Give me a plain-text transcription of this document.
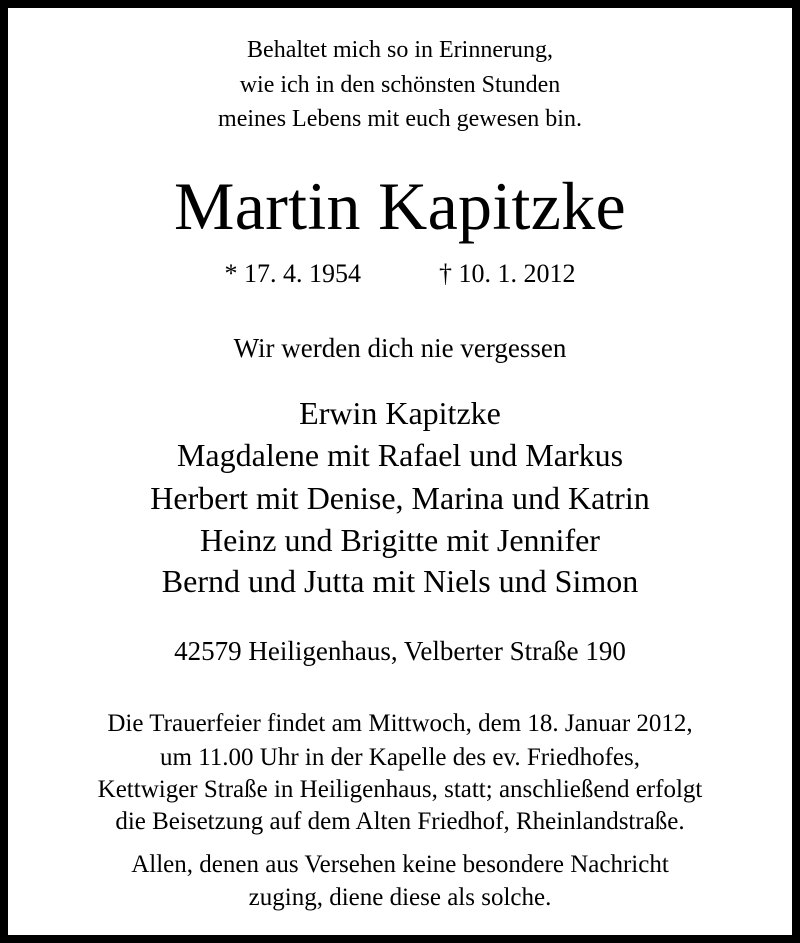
Behaltet mich so in Erinnerung,
wie ich in den schönsten Stunden
meines Lebens mit euch gewesen bin.
Martin Kapitzke
* 17. 4. 1954	† 10. 1. 2012
Wir werden dich nie vergessen
Erwin Kapitzke
Magdalene mit Rafael und Markus
Herbert mit Denise, Marina und Katrin
Heinz und Brigitte mit Jennifer
Bernd und Jutta mit Niels und Simon
42579 Heiligenhaus, Velberter Straße 190
Die Trauerfeier findet am Mittwoch, dem 18. Januar 2012,
um 11.00 Uhr in der Kapelle des ev. Friedhofes,
Kettwiger Straße in Heiligenhaus, statt; anschließend erfolgt
die Beisetzung auf dem Alten Friedhof, Rheinlandstraße.
Allen, denen aus Versehen keine besondere Nachricht
zuging, diene diese als solche.
